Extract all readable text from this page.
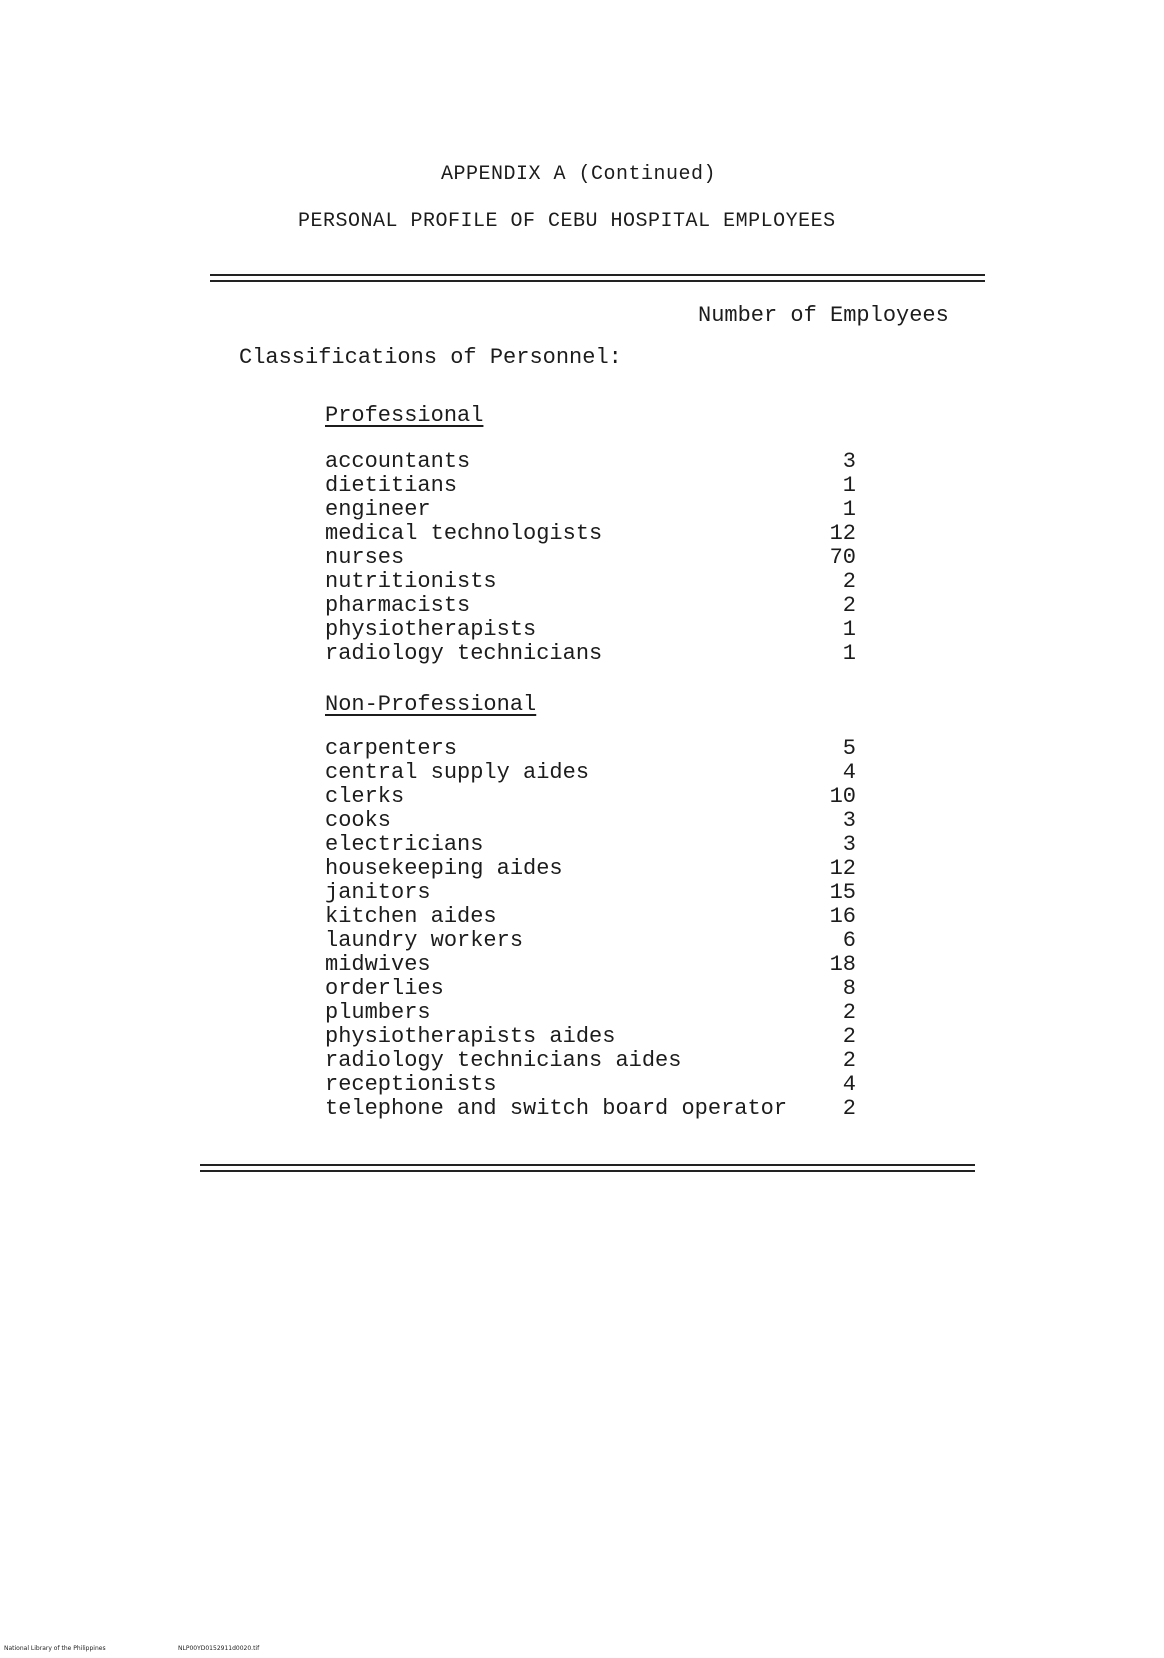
APPENDIX A (Continued)
PERSONAL PROFILE OF CEBU HOSPITAL EMPLOYEES
Number of Employees
Classifications of Personnel:
Professional
accountants	3
dietitians	1
engineer	1
medical technologists	12
nurses	70
nutritionists	2
pharmacists	2
physiotherapists	1
radiology technicians	1
Non-Professional
carpenters	5
central supply aides	4
clerks	10
cooks	3
electricians	3
housekeeping aides	12
janitors	15
kitchen aides	16
laundry workers	6
midwives	18
orderlies	8
plumbers	2
physiotherapists aides	2
radiology technicians aides	2
receptionists	4
telephone and switch board operator	2
National Library of the Philippines	NLP00YD0152911d0020.tif
